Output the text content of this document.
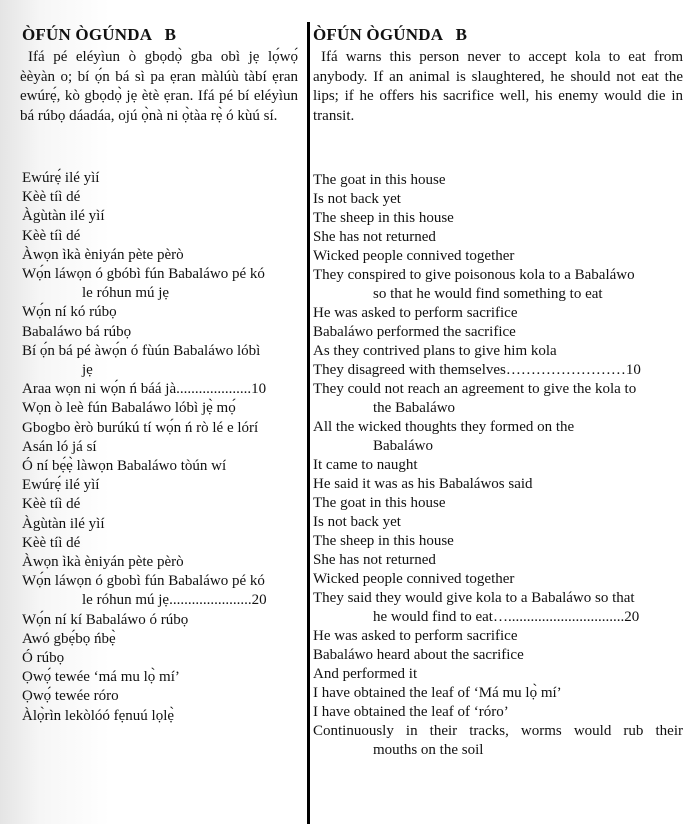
ÒFÚN ÒGÚNDA   B

Ifá pé eléyìun ò gbọdọ̀ gba obì jẹ lọ́wọ́ èèyàn o; bí ọ́n bá sì pa ẹran màlúù tàbí ẹran ewúrẹ́, kò gbọdọ̀ jẹ ètè ẹran. Ifá pé bí eléyìun bá rúbọ dáadáa, ojú ọ̀nà ni ọ̀tàa rẹ̀ ó kùú sí.

Ewúrẹ́ ilé yìí
Kèè tíì dé
Àgùtàn ilé yìí
Kèè tíì dé
Àwọn ìkà èniyán pète pèrò
Wọ́n láwọn ó gbóbì fún Babaláwo pé kó
le róhun mú jẹ
Wọ́n ní kó rúbọ
Babaláwo bá rúbọ
Bí ọ́n bá pé àwọ́n ó fùún Babaláwo lóbì
jẹ
Araa wọn ni wọ́n ń báá jà....................10
Wọn ò leè fún Babaláwo lóbì jẹ̀ mọ́
Gbogbo èrò burúkú tí wọ́n ń rò lé e lórí
Asán ló já sí
Ó ní bẹ́ẹ̀ làwọn Babaláwo tòún wí
Ewúrẹ́ ilé yìí
Kèè tíì dé
Àgùtàn ilé yìí
Kèè tíì dé
Àwọn ìkà èniyán pète pèrò
Wọ́n láwọn ó gbobì fún Babaláwo pé kó
le róhun mú jẹ......................20
Wọ́n ní kí Babaláwo ó rúbọ
Awó gbẹ́bọ ńbẹ̀
Ó rúbọ
Ọwọ́ tewée ‘má mu lọ̀ mí’
Ọwọ́ tewée róro
Àlọ̀rìn lekòlóó fẹnuú lọlẹ̀
ÒFÚN ÒGÚNDA   B

Ifá warns this person never to accept kola to eat from anybody. If an animal is slaughtered, he should not eat the lips; if he offers his sacrifice well, his enemy would die in transit.

The goat in this house
Is not back yet
The sheep in this house
She has not returned
Wicked people connived together
They conspired to give poisonous kola to a Babaláwo
so that he would find something to eat
He was asked to perform sacrifice
Babaláwo performed the sacrifice
As they contrived plans to give him kola
They disagreed with themselves……………………10
They could not reach an agreement to give the kola to
the Babaláwo
All the wicked thoughts they formed on the
Babaláwo
It came to naught
He said it was as his Babaláwos said
The goat in this house
Is not back yet
The sheep in this house
She has not returned
Wicked people connived together
They said they would give kola to a Babaláwo so that
he would find to eat…...............................20
He was asked to perform sacrifice
Babaláwo heard about the sacrifice
And performed it
I have obtained the leaf of ‘Má mu lọ̀ mí’
I have obtained the leaf of ‘róro’
Continuously in their tracks, worms would rub their
mouths on the soil
